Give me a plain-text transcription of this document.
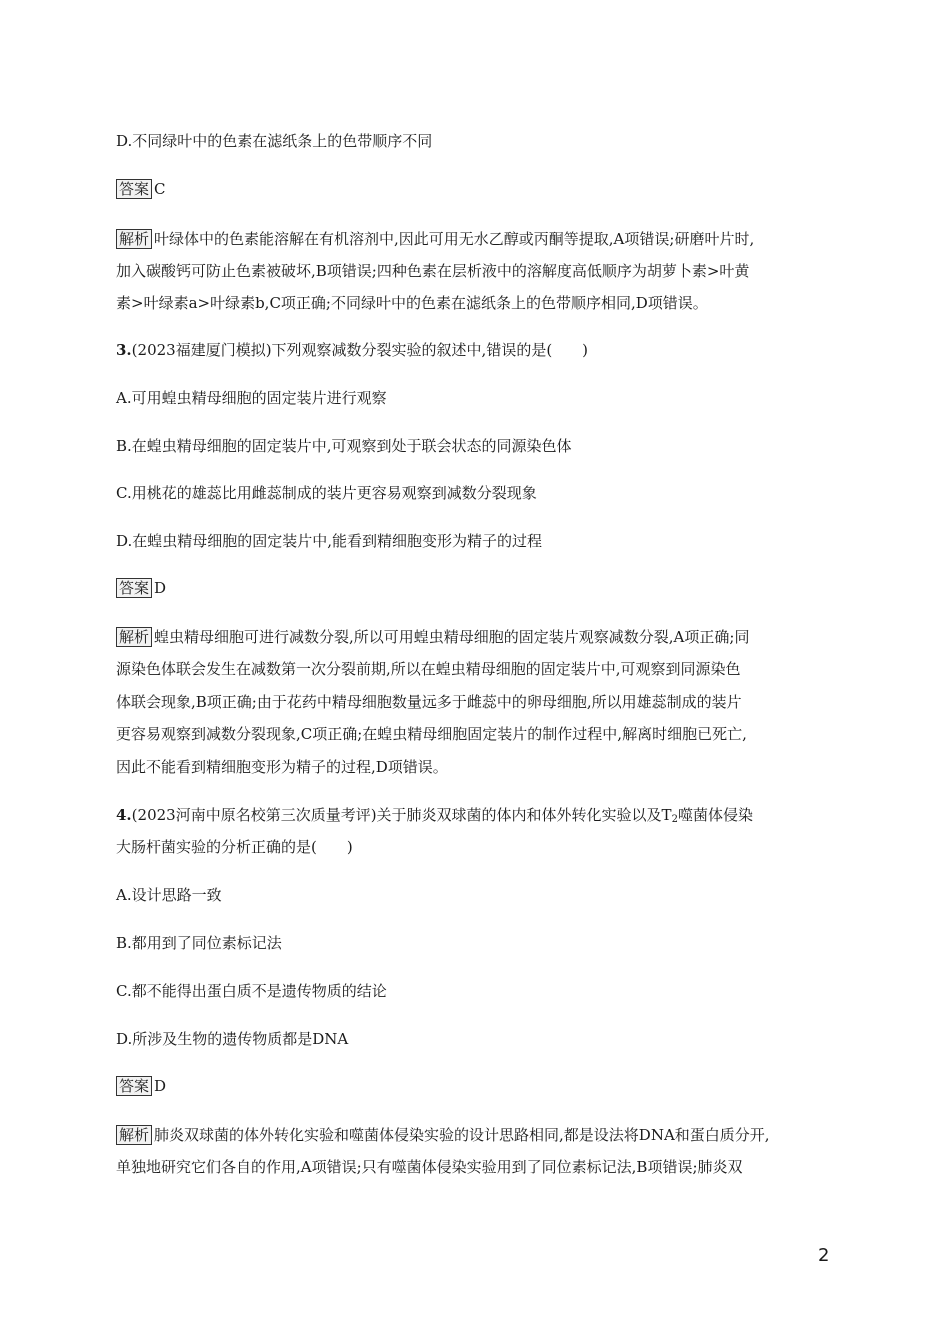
D.不同绿叶中的色素在滤纸条上的色带顺序不同
答案 C
解析 叶绿体中的色素能溶解在有机溶剂中,因此可用无水乙醇或丙酮等提取,A项错误;研磨叶片时,
加入碳酸钙可防止色素被破坏,B项错误;四种色素在层析液中的溶解度高低顺序为胡萝卜素>叶黄
素>叶绿素a>叶绿素b,C项正确;不同绿叶中的色素在滤纸条上的色带顺序相同,D项错误。
3.(2023福建厦门模拟)下列观察减数分裂实验的叙述中,错误的是(　　)
A.可用蝗虫精母细胞的固定装片进行观察
B.在蝗虫精母细胞的固定装片中,可观察到处于联会状态的同源染色体
C.用桃花的雄蕊比用雌蕊制成的装片更容易观察到减数分裂现象
D.在蝗虫精母细胞的固定装片中,能看到精细胞变形为精子的过程
答案 D
解析 蝗虫精母细胞可进行减数分裂,所以可用蝗虫精母细胞的固定装片观察减数分裂,A项正确;同
源染色体联会发生在减数第一次分裂前期,所以在蝗虫精母细胞的固定装片中,可观察到同源染色
体联会现象,B项正确;由于花药中精母细胞数量远多于雌蕊中的卵母细胞,所以用雄蕊制成的装片
更容易观察到减数分裂现象,C项正确;在蝗虫精母细胞固定装片的制作过程中,解离时细胞已死亡,
因此不能看到精细胞变形为精子的过程,D项错误。
4.(2023河南中原名校第三次质量考评)关于肺炎双球菌的体内和体外转化实验以及$T_2$噬菌体侵染
大肠杆菌实验的分析正确的是(　　)
A.设计思路一致
B.都用到了同位素标记法
C.都不能得出蛋白质不是遗传物质的结论
D.所涉及生物的遗传物质都是DNA
答案 D
解析 肺炎双球菌的体外转化实验和噬菌体侵染实验的设计思路相同,都是设法将DNA和蛋白质分开,
单独地研究它们各自的作用,A项错误;只有噬菌体侵染实验用到了同位素标记法,B项错误;肺炎双
2
